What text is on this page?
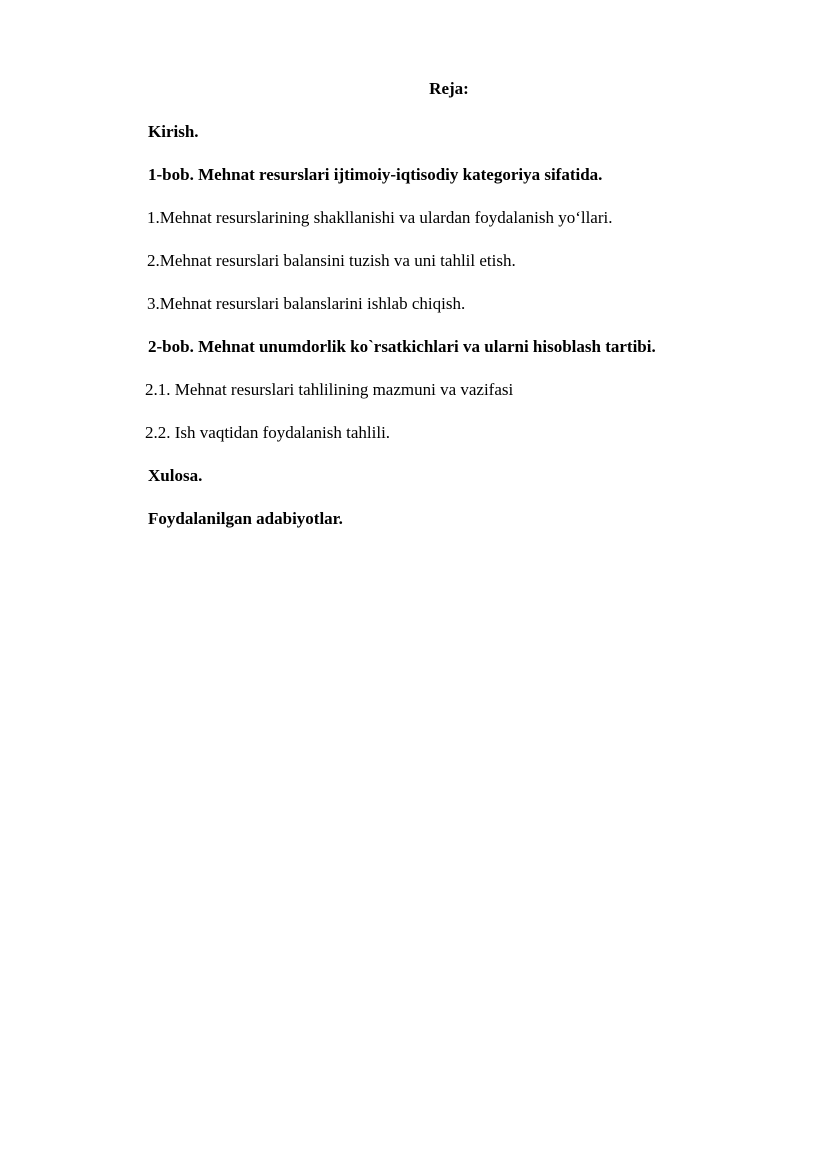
Reja:
Kirish.
1-bob. Mehnat resurslari ijtimoiy-iqtisodiy kategoriya sifatida.
1.Mehnat resurslarining shakllanishi va ulardan foydalanish yo‘llari.
2.Mehnat resurslari balansini tuzish va uni tahlil etish.
3.Mehnat resurslari balanslarini ishlab chiqish.
2-bob. Mehnat unumdorlik ko`rsatkichlari va ularni hisoblash tartibi.
2.1. Mehnat resurslari tahlilining mazmuni va vazifasi
2.2. Ish vaqtidan foydalanish tahlili.
Xulosa.
Foydalanilgan adabiyotlar.
